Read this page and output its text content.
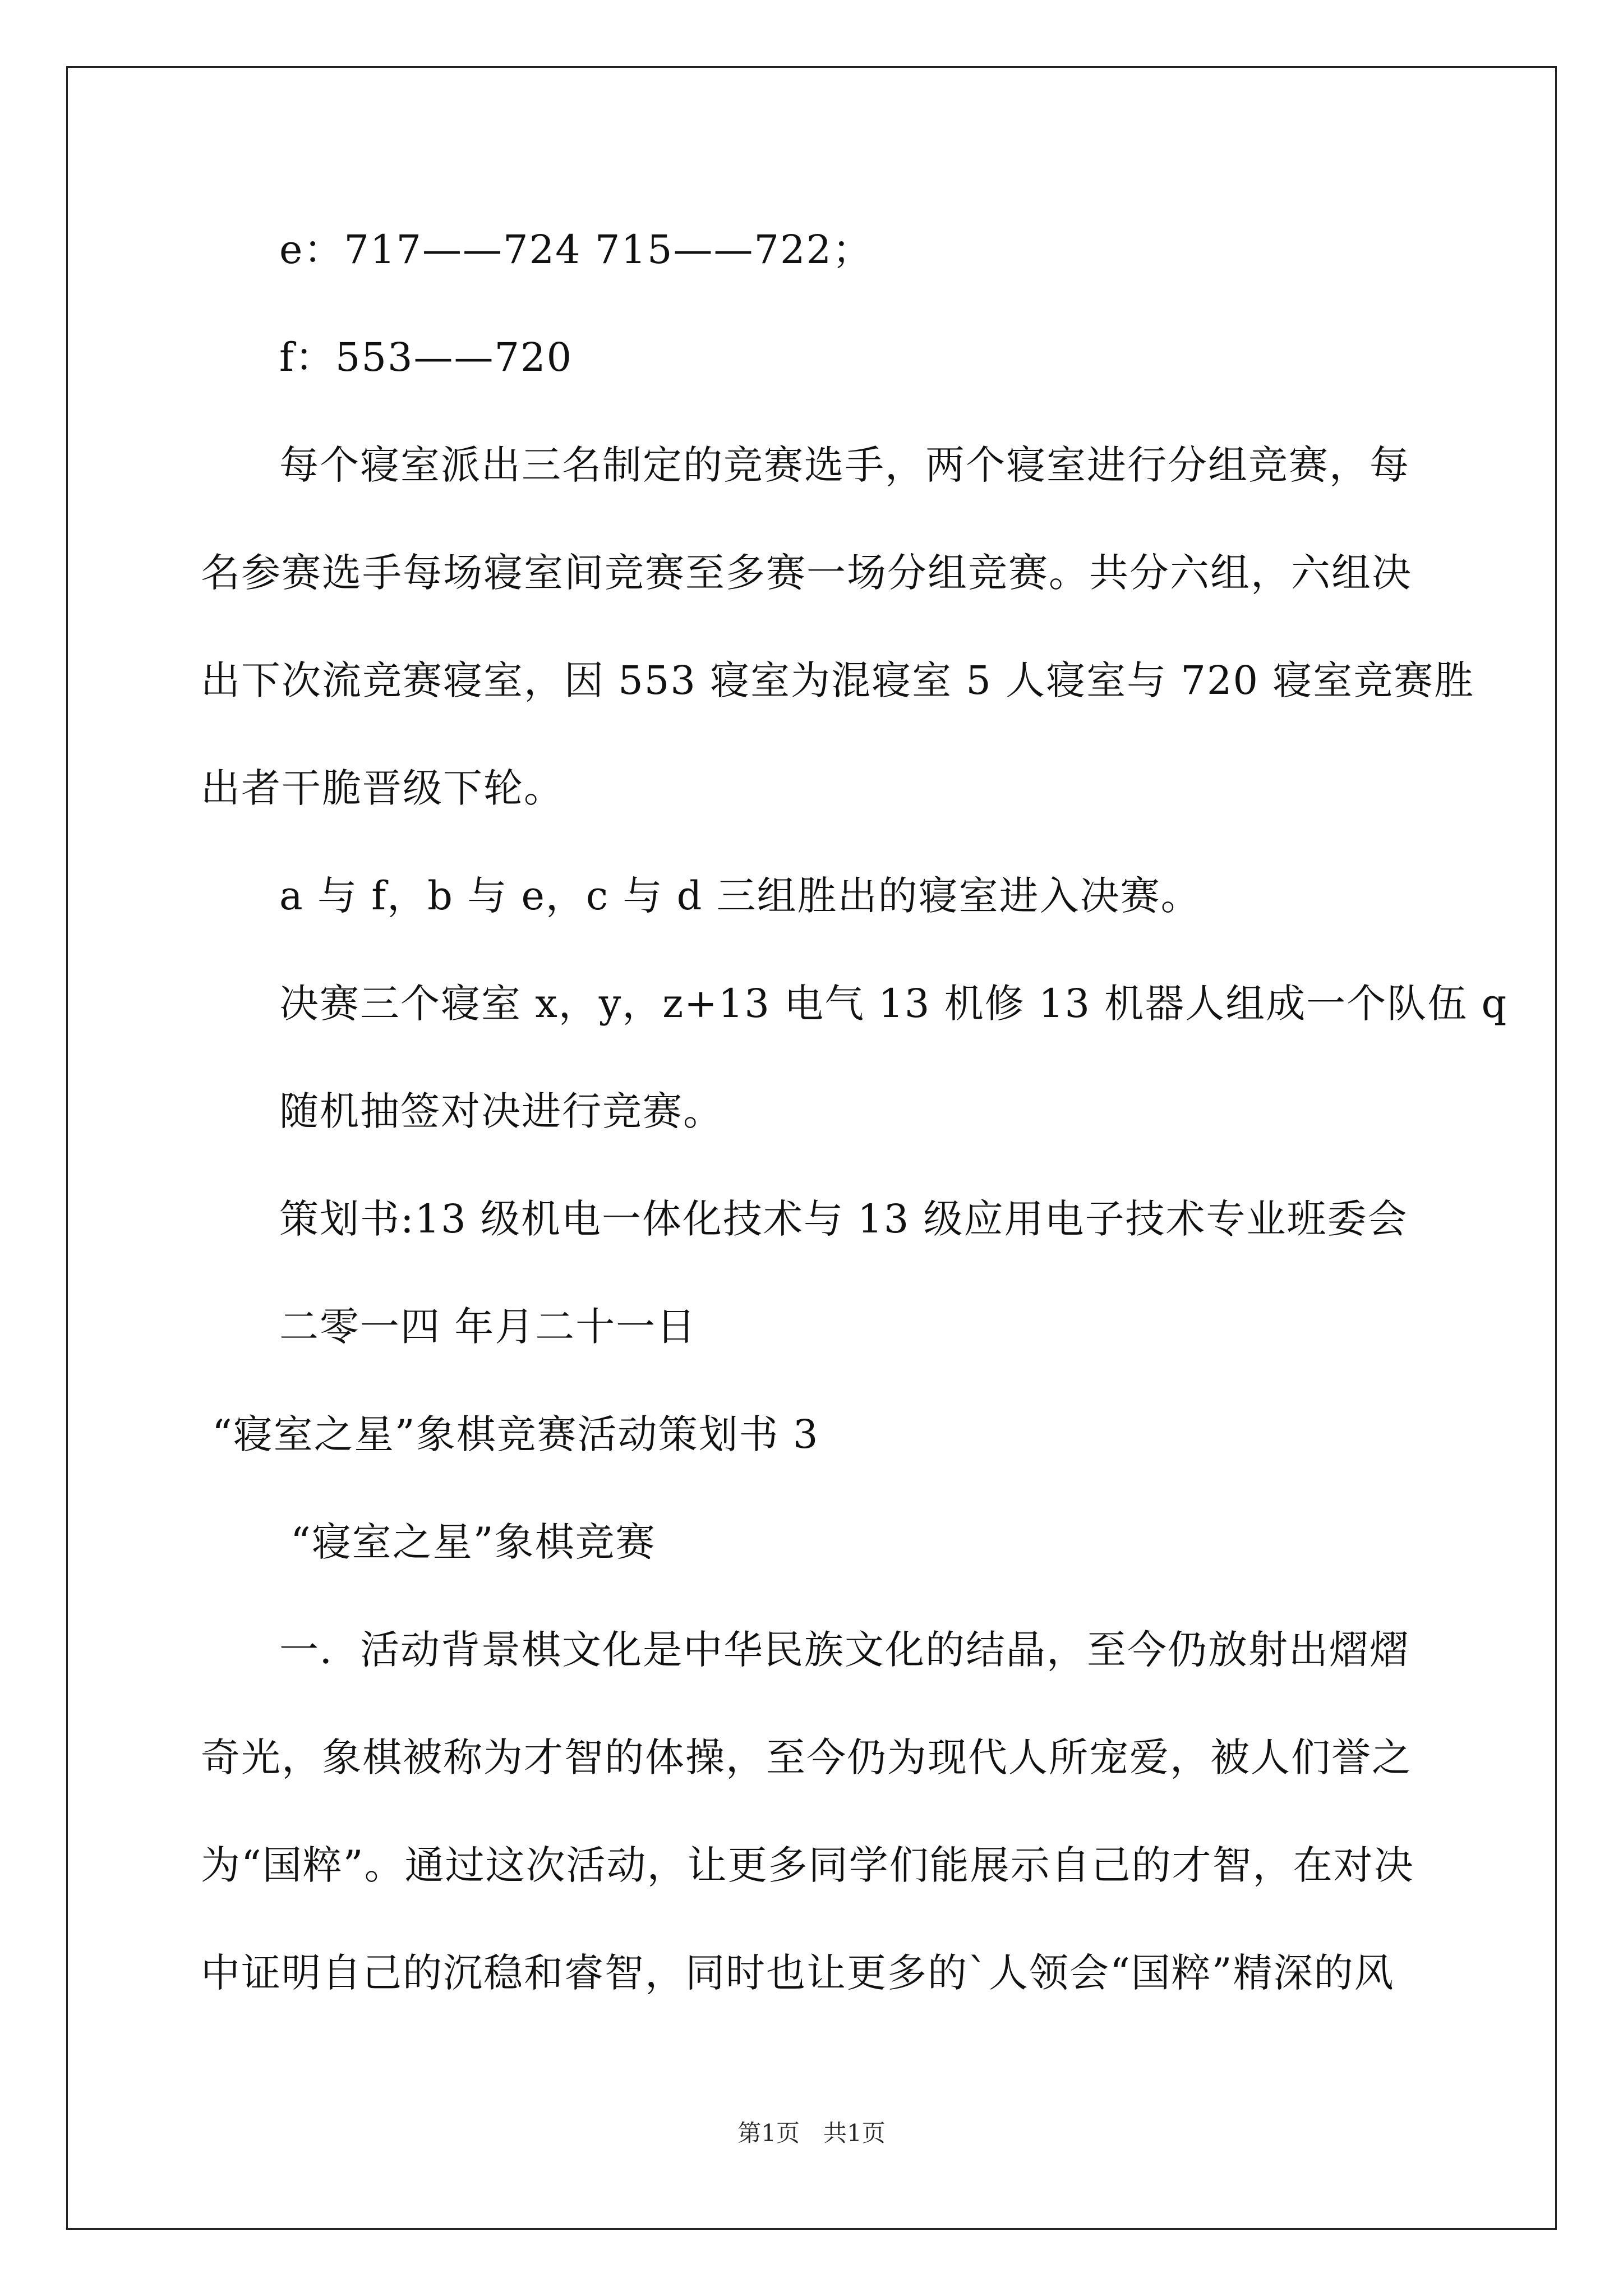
e：717——724 715——722；
f：553——720
每个寝室派出三名制定的竞赛选手，两个寝室进行分组竞赛，每
名参赛选手每场寝室间竞赛至多赛一场分组竞赛。共分六组，六组决
出下次流竞赛寝室，因 553 寝室为混寝室 5 人寝室与 720 寝室竞赛胜
出者干脆晋级下轮。
a 与 f，b 与 e，c 与 d 三组胜出的寝室进入决赛。
决赛三个寝室 x，y，z+13 电气 13 机修 13 机器人组成一个队伍 q
随机抽签对决进行竞赛。
策划书:13 级机电一体化技术与 13 级应用电子技术专业班委会
二零一四 年月二十一日
“寝室之星”象棋竞赛活动策划书 3
“寝室之星”象棋竞赛
一．活动背景棋文化是中华民族文化的结晶，至今仍放射出熠熠
奇光，象棋被称为才智的体操，至今仍为现代人所宠爱，被人们誉之
为“国粹”。通过这次活动，让更多同学们能展示自己的才智，在对决
中证明自己的沉稳和睿智，同时也让更多的`人领会“国粹”精深的风
第1页　共1页
